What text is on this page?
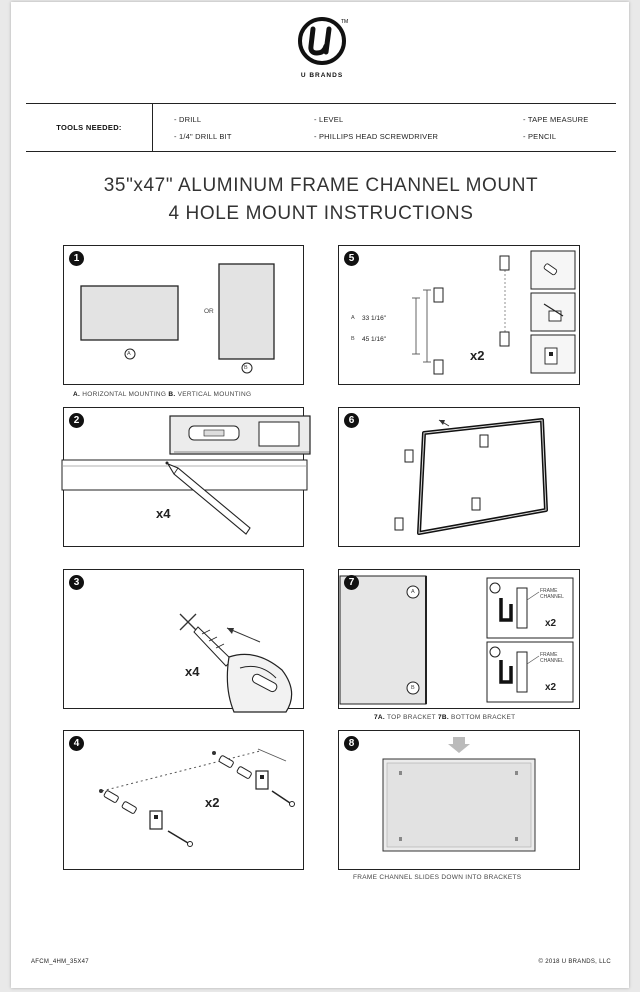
TM
U BRANDS
TOOLS NEEDED:
- DRILL	- LEVEL	- TAPE MEASURE
- 1/4" DRILL BIT	- PHILLIPS HEAD SCREWDRIVER	- PENCIL
35"x47" ALUMINUM FRAME CHANNEL MOUNT
4 HOLE MOUNT INSTRUCTIONS
1
OR
A
B
A. HORIZONTAL MOUNTING B. VERTICAL MOUNTING
2
x4
3
x4
4
x2
5
A 33 1/16"
B 45 1/16"
x2
6
7
A
B
FRAME CHANNEL
FRAME CHANNEL
x2
x2
7A. TOP BRACKET 7B. BOTTOM BRACKET
8
FRAME CHANNEL SLIDES DOWN INTO BRACKETS
AFCM_4HM_35X47	© 2018 U BRANDS, LLC
